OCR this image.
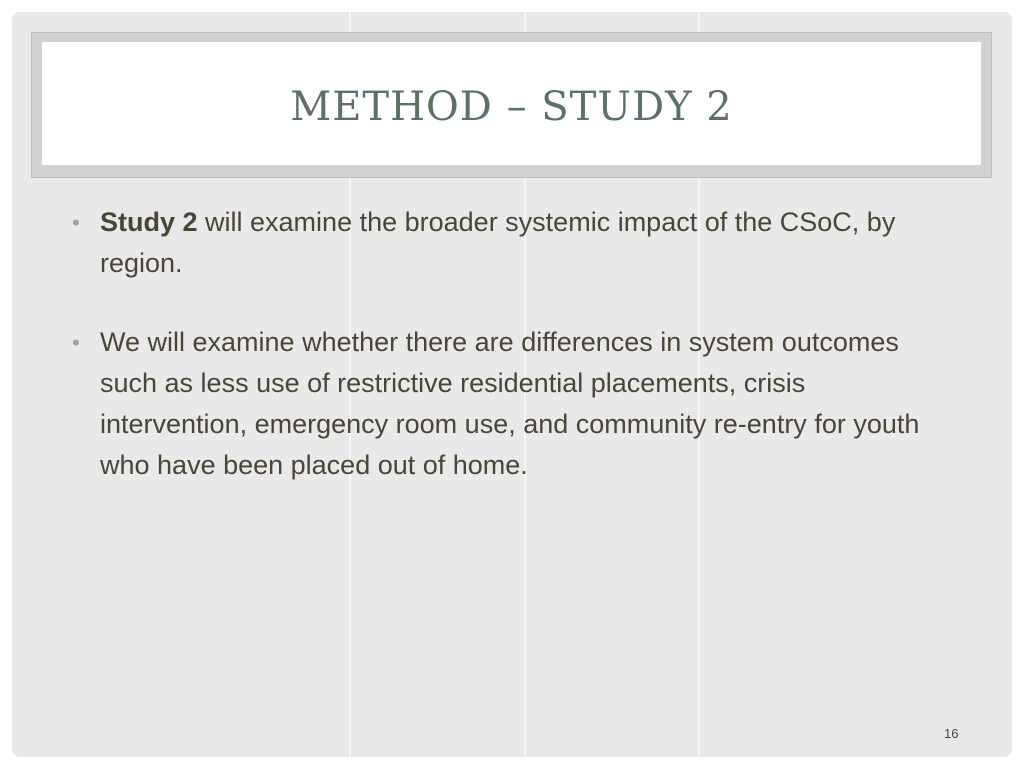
METHOD – STUDY 2
• Study 2 will examine the broader systemic impact of the CSoC, by region.
• We will examine whether there are differences in system outcomes such as less use of restrictive residential placements, crisis intervention, emergency room use, and community re-entry for youth who have been placed out of home.
16
